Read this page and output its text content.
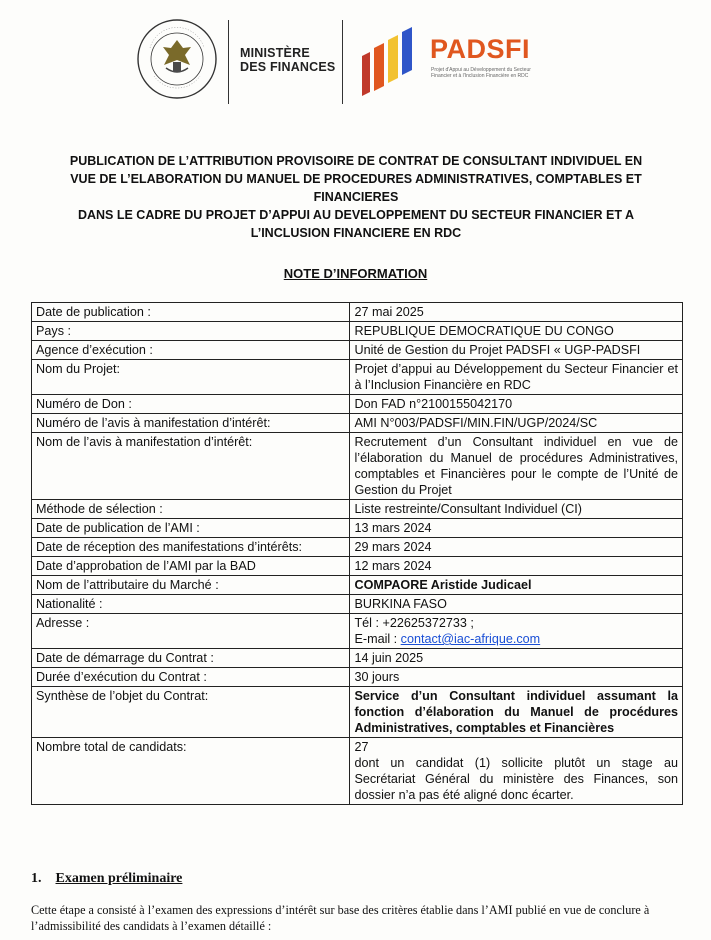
MINISTÈRE
DES FINANCES
PADSFI
Projet d'Appui au Développement du Secteur Financier et à l'Inclusion Financière en RDC
PUBLICATION DE L’ATTRIBUTION PROVISOIRE DE CONTRAT DE CONSULTANT INDIVIDUEL EN
VUE DE L’ELABORATION DU MANUEL DE PROCEDURES ADMINISTRATIVES, COMPTABLES ET
FINANCIERES
DANS LE CADRE DU PROJET D’APPUI AU DEVELOPPEMENT DU SECTEUR FINANCIER ET A
L’INCLUSION FINANCIERE EN RDC
NOTE D’INFORMATION
Date de publication :	27 mai 2025
Pays :	REPUBLIQUE DEMOCRATIQUE DU CONGO
Agence d’exécution :	Unité de Gestion du Projet PADSFI « UGP-PADSFI
Nom du Projet:	Projet d’appui au Développement du Secteur Financier et à l’Inclusion Financière en RDC
Numéro de Don :	Don FAD n°2100155042170
Numéro de l’avis à manifestation d’intérêt:	AMI N°003/PADSFI/MIN.FIN/UGP/2024/SC
Nom de l’avis à manifestation d’intérêt:	Recrutement d’un Consultant individuel en vue de l’élaboration du Manuel de procédures Administratives, comptables et Financières pour le compte de l’Unité de Gestion du Projet
Méthode de sélection :	Liste restreinte/Consultant Individuel (CI)
Date de publication de l’AMI :	13 mars 2024
Date de réception des manifestations d’intérêts:	29 mars 2024
Date d’approbation de l’AMI par la BAD	12 mars 2024
Nom de l’attributaire du Marché :	COMPAORE Aristide Judicael
Nationalité :	BURKINA FASO
Adresse :	Tél : +22625372733 ;
E-mail : contact@iac-afrique.com

Date de démarrage du Contrat :	14 juin 2025
Durée d’exécution du Contrat :	30 jours
Synthèse de l’objet du Contrat:	Service d’un Consultant individuel assumant la fonction d’élaboration du Manuel de procédures Administratives, comptables et Financières
Nombre total de candidats:	27
dont un candidat (1) sollicite plutôt un stage au Secrétariat Général du ministère des Finances, son dossier n’a pas été aligné donc écarter.
1. Examen préliminaire
Cette étape a consisté à l’examen des expressions d’intérêt sur base des critères établie dans l’AMI publié en vue de conclure à l’admissibilité des candidats à l’examen détaillé :
